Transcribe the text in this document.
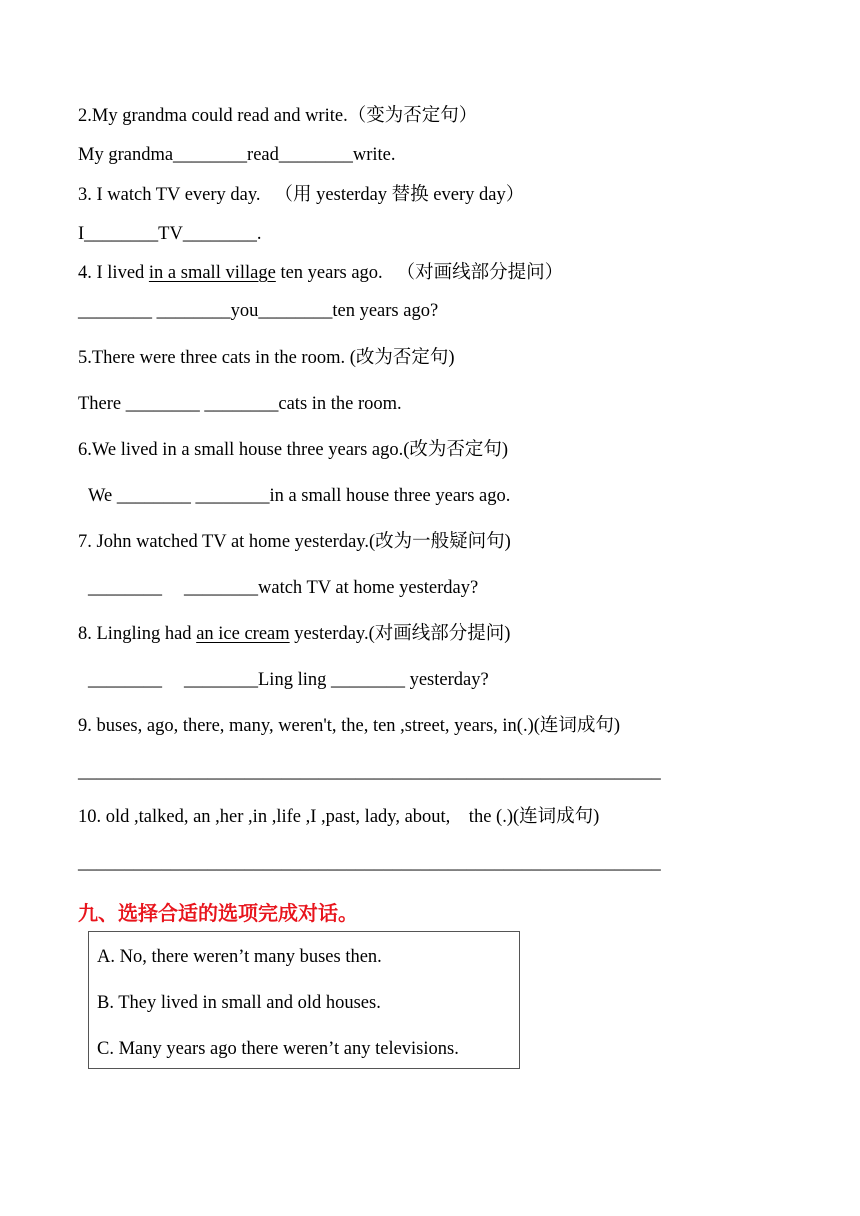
2.My grandma could read and write.（变为否定句）
My grandma________read________write.
3. I watch TV every day. （用 yesterday 替换 every day）
I________TV________.
4. I lived in a small village ten years ago. （对画线部分提问）
________ ________you________ten years ago?
5.There were three cats in the room. (改为否定句)
There ________ ________cats in the room.
6.We lived in a small house three years ago.(改为否定句)
We ________ ________in a small house three years ago.
7. John watched TV at home yesterday.(改为一般疑问句)
________ ________watch TV at home yesterday?
8. Lingling had an ice cream yesterday.(对画线部分提问)
________ ________Ling ling ________ yesterday?
9. buses, ago, there, many, weren't, the, ten ,street, years, in(.)(连词成句)
_______________________________________________________________
10. old ,talked, an ,her ,in ,life ,I ,past, lady, about,    the (.)(连词成句)
_______________________________________________________________
九、选择合适的选项完成对话。
A. No, there weren’t many buses then.
B. They lived in small and old houses.
C. Many years ago there weren’t any televisions.
